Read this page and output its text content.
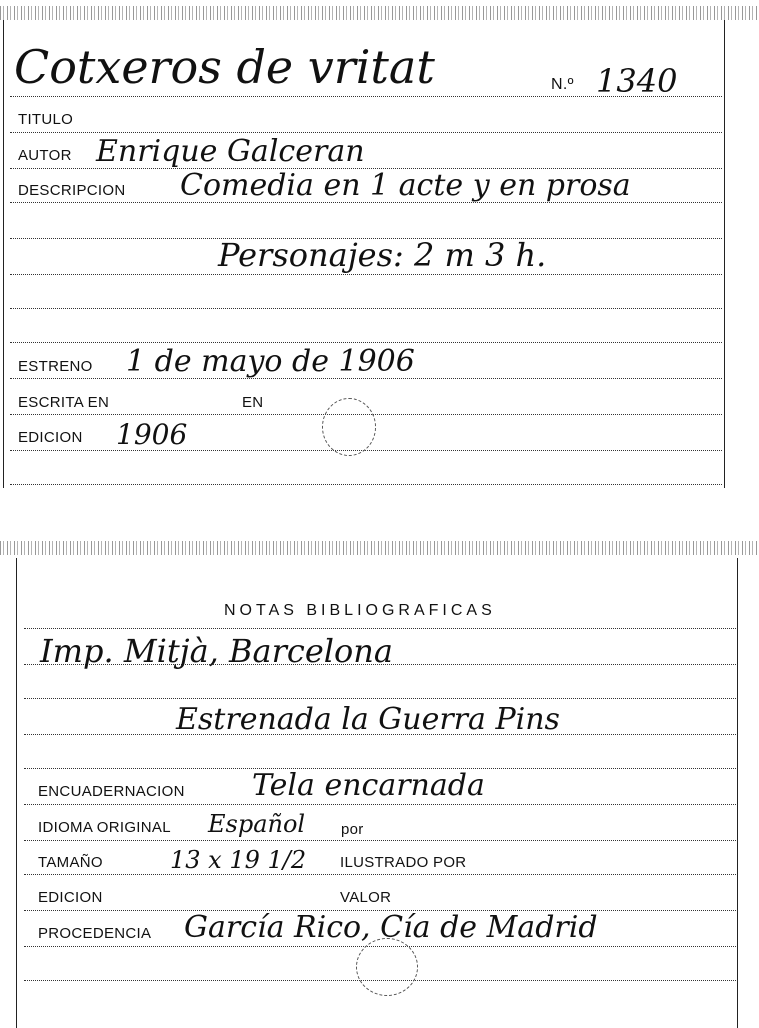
Cotxeros de vritat	N.º 1340
TITULO
AUTOR Enrique Galceran
DESCRIPCION Comedia en 1 acte y en prosa
Personajes: 2 m 3 h.
ESTRENO 1 de mayo de 1906
ESCRITA EN	EN
EDICION 1906
NOTAS BIBLIOGRAFICAS
Imp. Mitjà, Barcelona
Estrenada la Guerra Pins
ENCUADERNACION Tela encarnada
IDIOMA ORIGINAL Español por
TAMAÑO	13 x 19 1/2 ILUSTRADO POR
EDICION	VALOR
PROCEDENCIA García Rico, Cía de Madrid
